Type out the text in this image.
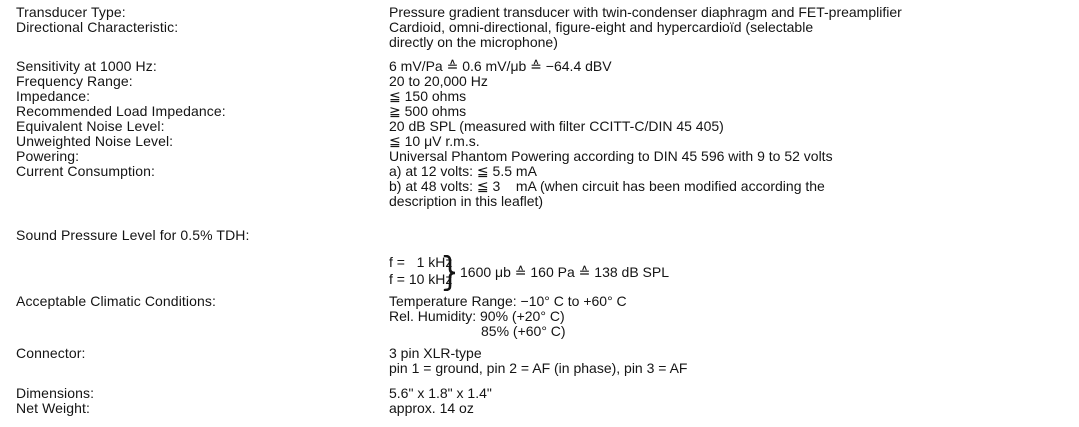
Transducer Type:
Directional Characteristic:
Sensitivity at 1000 Hz:
Frequency Range:
Impedance:
Recommended Load Impedance:
Equivalent Noise Level:
Unweighted Noise Level:
Powering:
Current Consumption:
Sound Pressure Level for 0.5% TDH:
Acceptable Climatic Conditions:
Connector:
Dimensions:
Net Weight:
Pressure gradient transducer with twin-condenser diaphragm and FET-preamplifier
Cardioid, omni-directional, figure-eight and hypercardioïd (selectable
directly on the microphone)
6 mV/Pa ≙ 0.6 mV/μb ≙ −64.4 dBV
20 to 20,000 Hz
≦ 150 ohms
≧ 500 ohms
20 dB SPL (measured with filter CCITT-C/DIN 45 405)
≦ 10 μV r.m.s.
Universal Phantom Powering according to DIN 45 596 with 9 to 52 volts
a) at 12 volts: ≦ 5.5 mA
b) at 48 volts: ≦ 3    mA (when circuit has been modified according the
description in this leaflet)
f =   1 kHz
f = 10 kHz 1600 μb ≙ 160 Pa ≙ 138 dB SPL
Temperature Range: −10° C to +60° C
Rel. Humidity: 90% (+20° C)
85% (+60° C)
3 pin XLR-type
pin 1 = ground, pin 2 = AF (in phase), pin 3 = AF
5.6" x 1.8" x 1.4"
approx. 14 oz
